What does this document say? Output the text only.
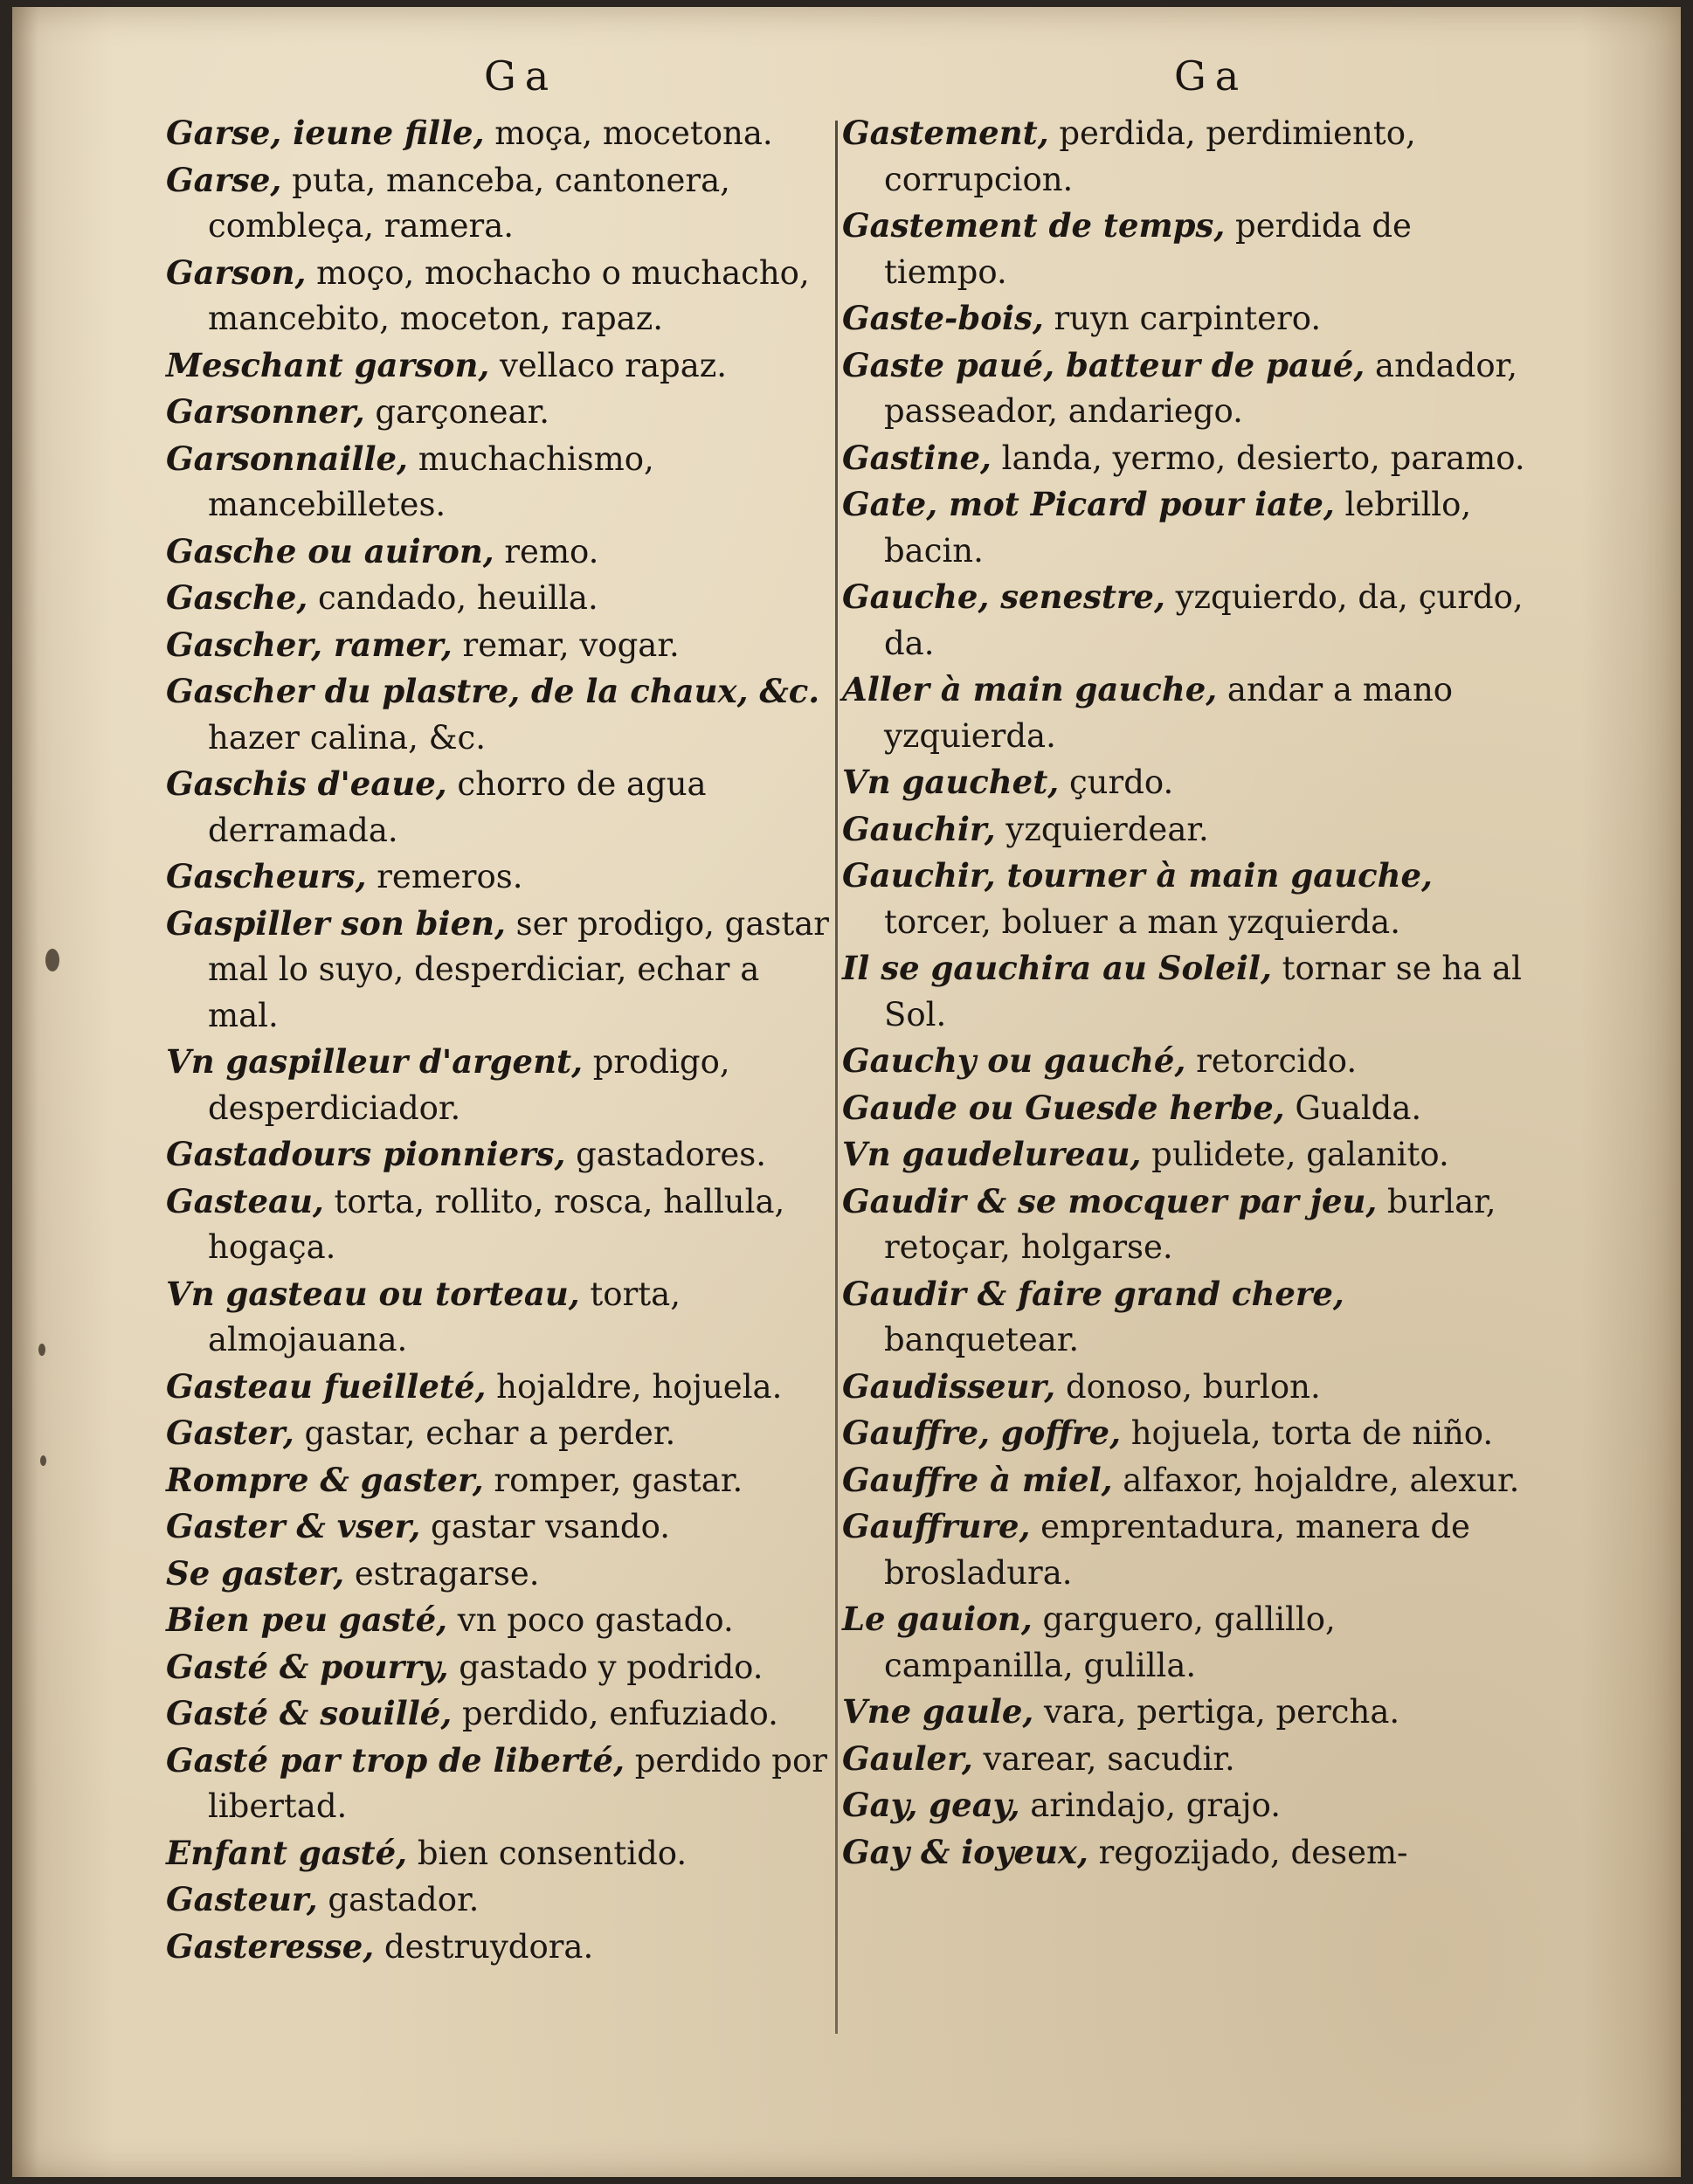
Ga	Ga
Garse, ieune fille, moça, mocetona.
Garse, puta, manceba, cantonera, combleça, ramera.
Garson, moço, mochacho o muchacho, mancebito, moceton, rapaz.
Meschant garson, vellaco rapaz.
Garsonner, garçonear.
Garsonnaille, muchachismo, mancebilletes.
Gasche ou auiron, remo.
Gasche, candado, heuilla.
Gascher, ramer, remar, vogar.
Gascher du plastre, de la chaux, &c. hazer calina, &c.
Gaschis d'eaue, chorro de agua derramada.
Gascheurs, remeros.
Gaspiller son bien, ser prodigo, gastar mal lo suyo, desperdiciar, echar a mal.
Vn gaspilleur d'argent, prodigo, desperdiciador.
Gastadours pionniers, gastadores.
Gasteau, torta, rollito, rosca, hallula, hogaça.
Vn gasteau ou torteau, torta, almojauana.
Gasteau fueilleté, hojaldre, hojuela.
Gaster, gastar, echar a perder.
Rompre & gaster, romper, gastar.
Gaster & vser, gastar vsando.
Se gaster, estragarse.
Bien peu gasté, vn poco gastado.
Gasté & pourry, gastado y podrido.
Gasté & souillé, perdido, enfuziado.
Gasté par trop de liberté, perdido por libertad.
Enfant gasté, bien consentido.
Gasteur, gastador.
Gasteresse, destruydora.
Gastement, perdida, perdimiento, corrupcion.
Gastement de temps, perdida de tiempo.
Gaste-bois, ruyn carpintero.
Gaste paué, batteur de paué, andador, passeador, andariego.
Gastine, landa, yermo, desierto, paramo.
Gate, mot Picard pour iate, lebrillo, bacin.
Gauche, senestre, yzquierdo, da, çurdo, da.
Aller à main gauche, andar a mano yzquierda.
Vn gauchet, çurdo.
Gauchir, yzquierdear.
Gauchir, tourner à main gauche, torcer, boluer a man yzquierda.
Il se gauchira au Soleil, tornar se ha al Sol.
Gauchy ou gauché, retorcido.
Gaude ou Guesde herbe, Gualda.
Vn gaudelureau, pulidete, galanito.
Gaudir & se mocquer par jeu, burlar, retoçar, holgarse.
Gaudir & faire grand chere, banquetear.
Gaudisseur, donoso, burlon.
Gauffre, goffre, hojuela, torta de niño.
Gauffre à miel, alfaxor, hojaldre, alexur.
Gauffrure, emprentadura, manera de brosladura.
Le gauion, garguero, gallillo, campanilla, gulilla.
Vne gaule, vara, pertiga, percha.
Gauler, varear, sacudir.
Gay, geay, arindajo, grajo.
Gay & ioyeux, regozijado, desem-
